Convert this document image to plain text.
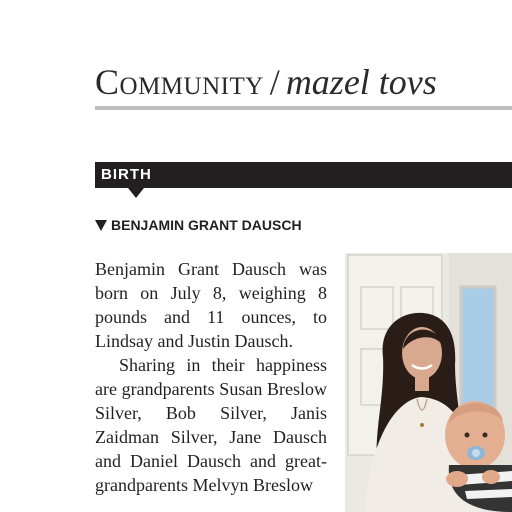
Community / mazel tovs
BIRTH
BENJAMIN GRANT DAUSCH

Benjamin Grant Dausch was born on July 8, weighing 8 pounds and 11 ounces, to Lindsay and Justin Dausch.

Sharing in their happiness are grandparents Susan Breslow Silver, Bob Silver, Janis Zaidman Silver, Jane Dausch and Daniel Dausch and great-grandparents Melvyn Breslow
